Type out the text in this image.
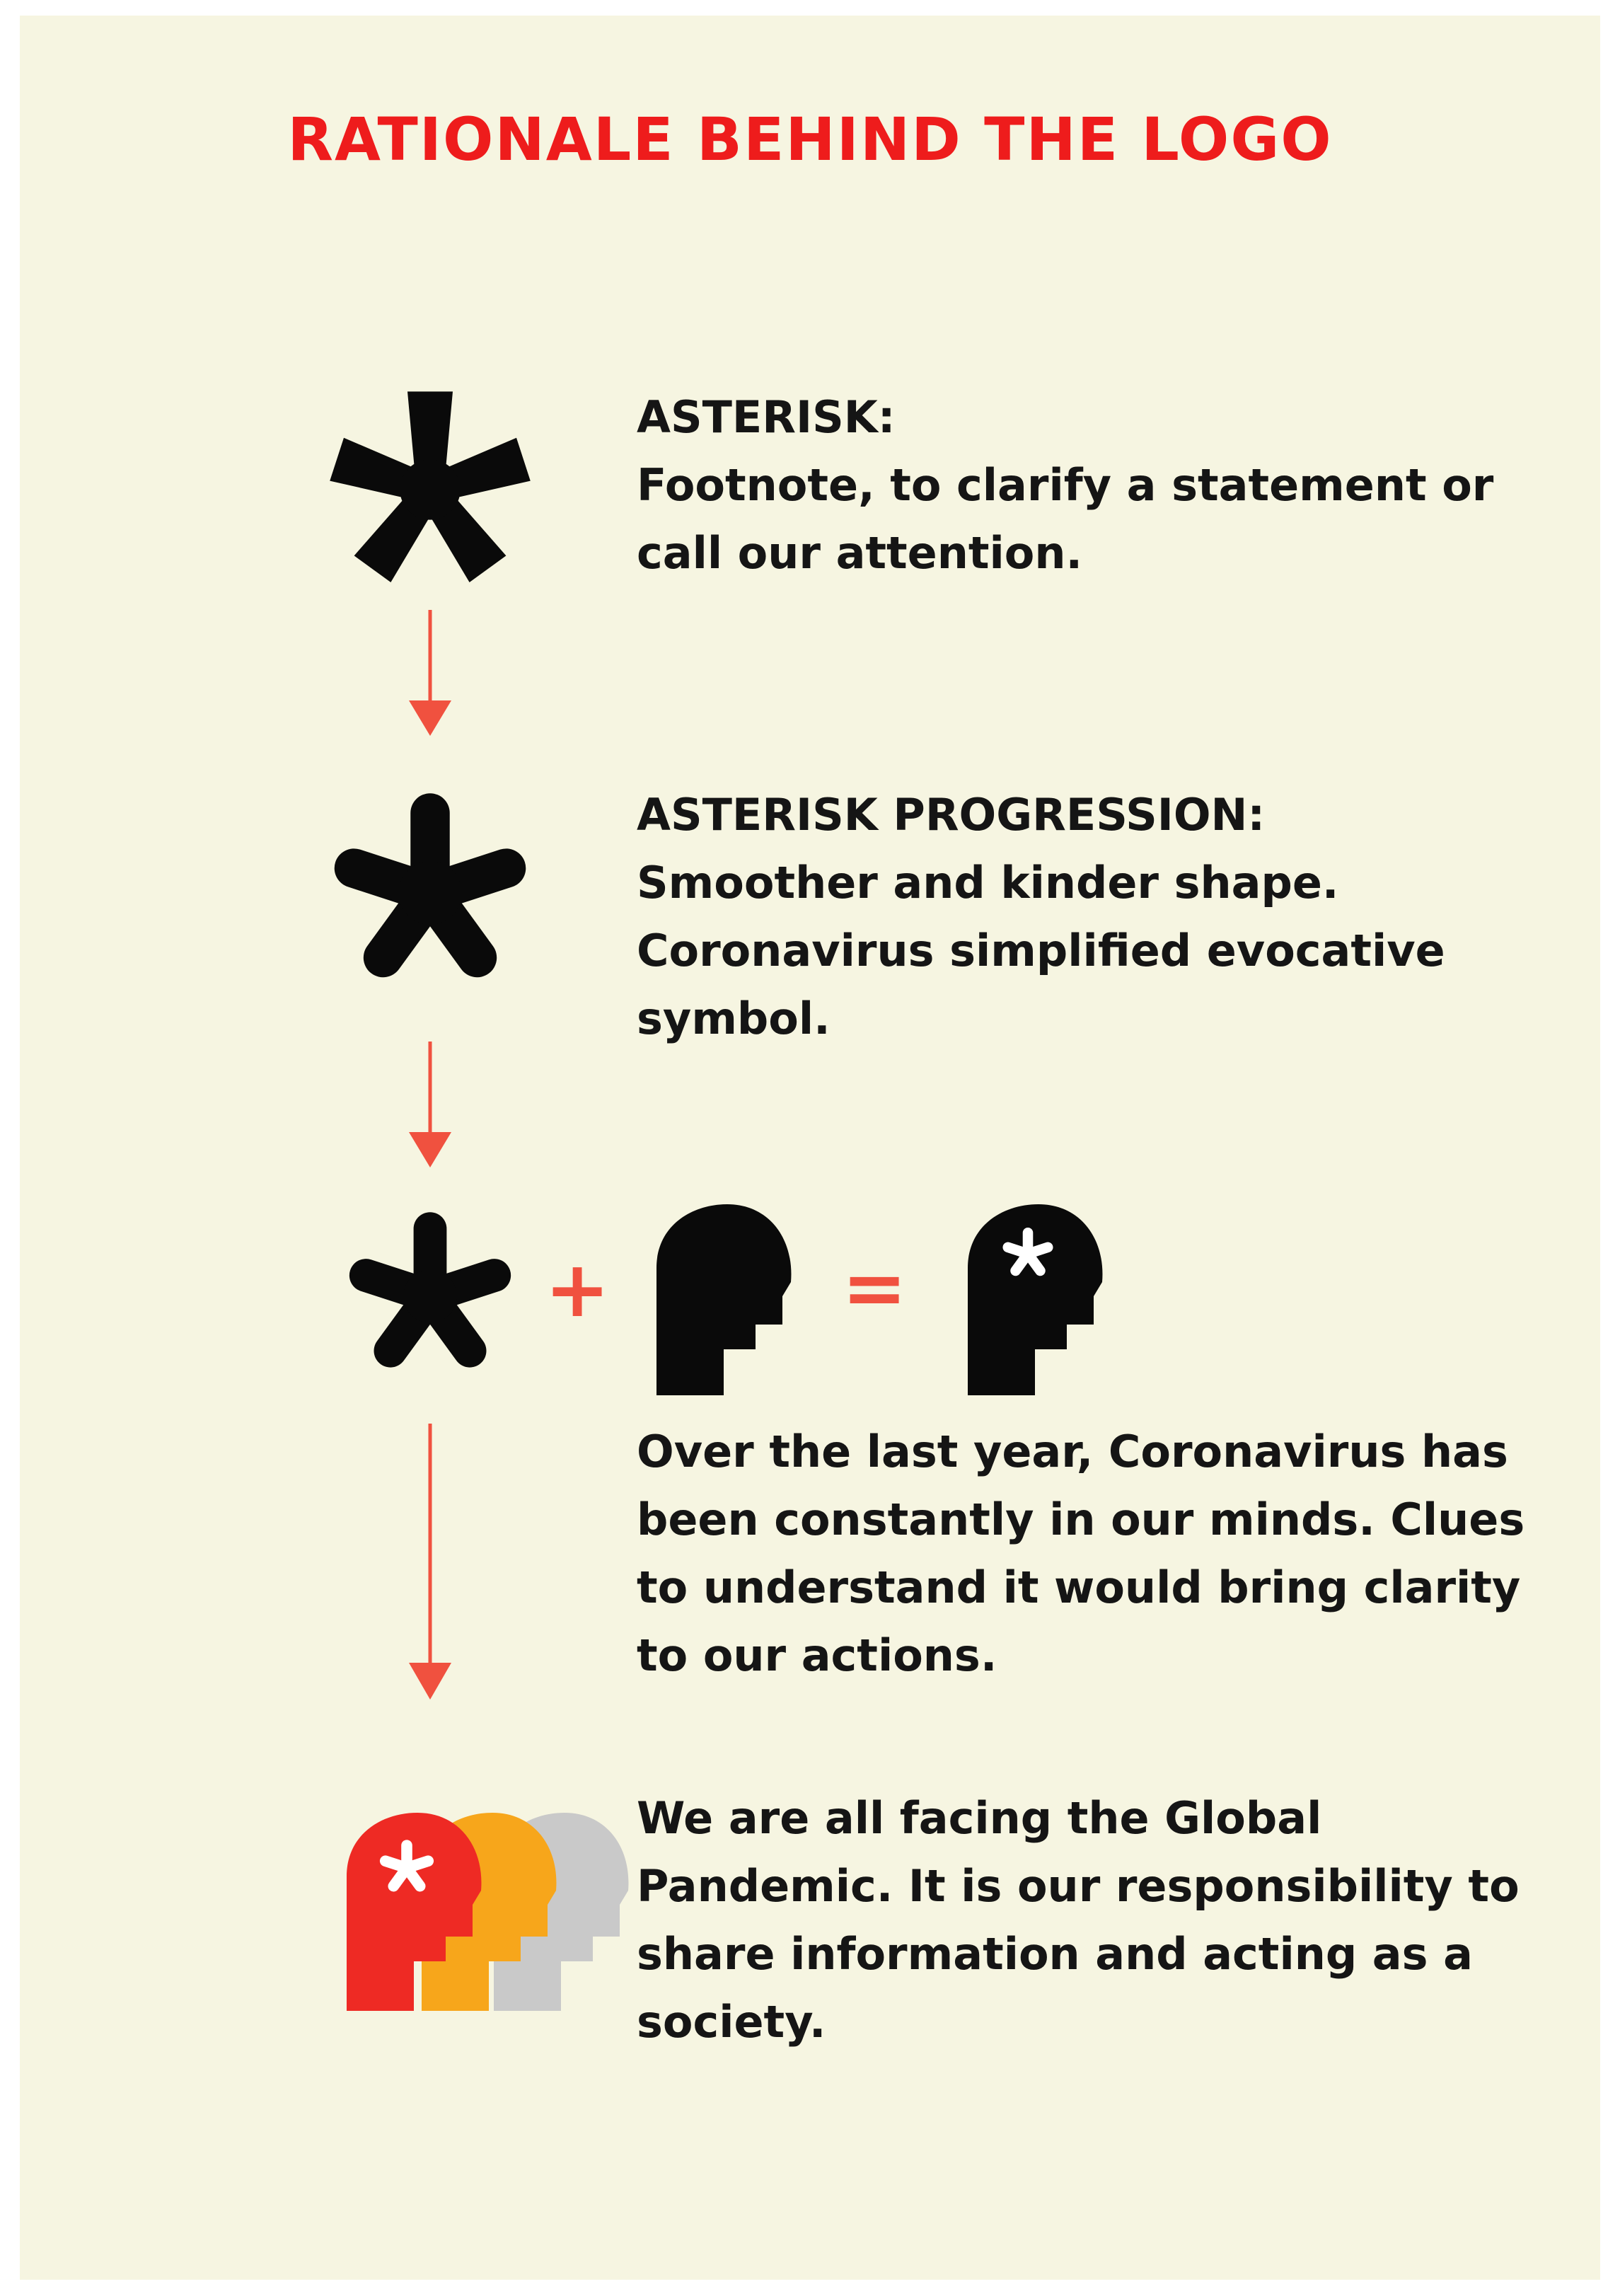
RATIONALE BEHIND THE LOGO
ASTERISK:
Footnote, to clarify a statement or
call our attention.
ASTERISK PROGRESSION:
Smoother and kinder shape.
Coronavirus simplified evocative
symbol.
+	=
Over the last year, Coronavirus has
been constantly in our minds. Clues
to understand it would bring clarity
to our actions.
We are all facing the Global
Pandemic. It is our responsibility to
share information and acting as a
society.
